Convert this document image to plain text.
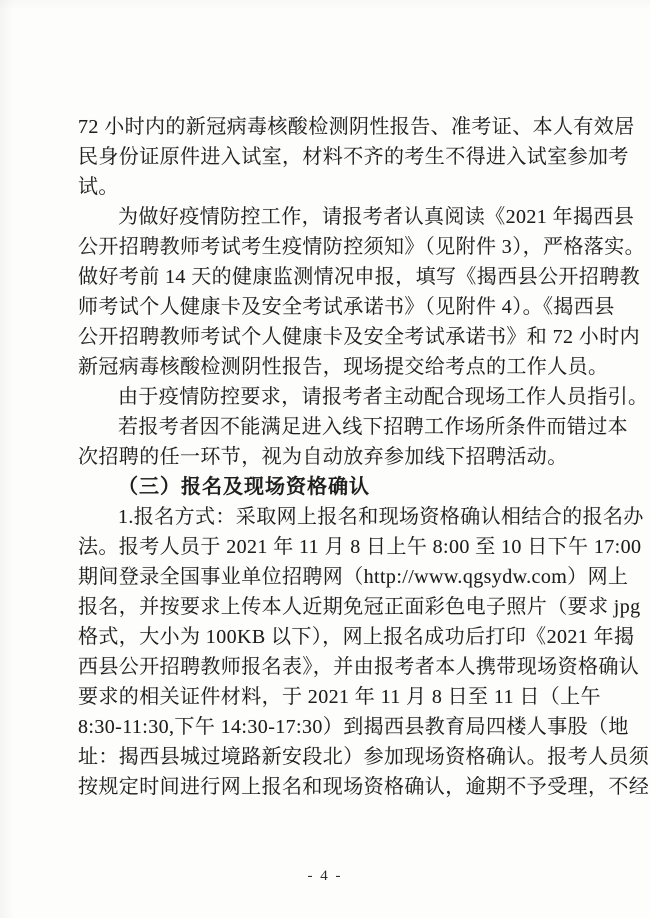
72 小时内的新冠病毒核酸检测阴性报告、准考证、本人有效居
民身份证原件进入试室，材料不齐的考生不得进入试室参加考
试。
为做好疫情防控工作，请报考者认真阅读《2021 年揭西县
公开招聘教师考试考生疫情防控须知》（见附件 3），严格落实。
做好考前 14 天的健康监测情况申报，填写《揭西县公开招聘教
师考试个人健康卡及安全考试承诺书》（见附件 4）。《揭西县
公开招聘教师考试个人健康卡及安全考试承诺书》和 72 小时内
新冠病毒核酸检测阴性报告，现场提交给考点的工作人员。
由于疫情防控要求，请报考者主动配合现场工作人员指引。
若报考者因不能满足进入线下招聘工作场所条件而错过本
次招聘的任一环节，视为自动放弃参加线下招聘活动。
（三）报名及现场资格确认
1.报名方式：采取网上报名和现场资格确认相结合的报名办
法。报考人员于 2021 年 11 月 8 日上午 8:00 至 10 日下午 17:00
期间登录全国事业单位招聘网（http://www.qgsydw.com）网上
报名，并按要求上传本人近期免冠正面彩色电子照片（要求 jpg
格式，大小为 100KB 以下），网上报名成功后打印《2021 年揭
西县公开招聘教师报名表》，并由报考者本人携带现场资格确认
要求的相关证件材料，于 2021 年 11 月 8 日至 11 日（上午
8:30-11:30,下午 14:30-17:30）到揭西县教育局四楼人事股（地
址：揭西县城过境路新安段北）参加现场资格确认。报考人员须
按规定时间进行网上报名和现场资格确认，逾期不予受理，不经
- 4 -
